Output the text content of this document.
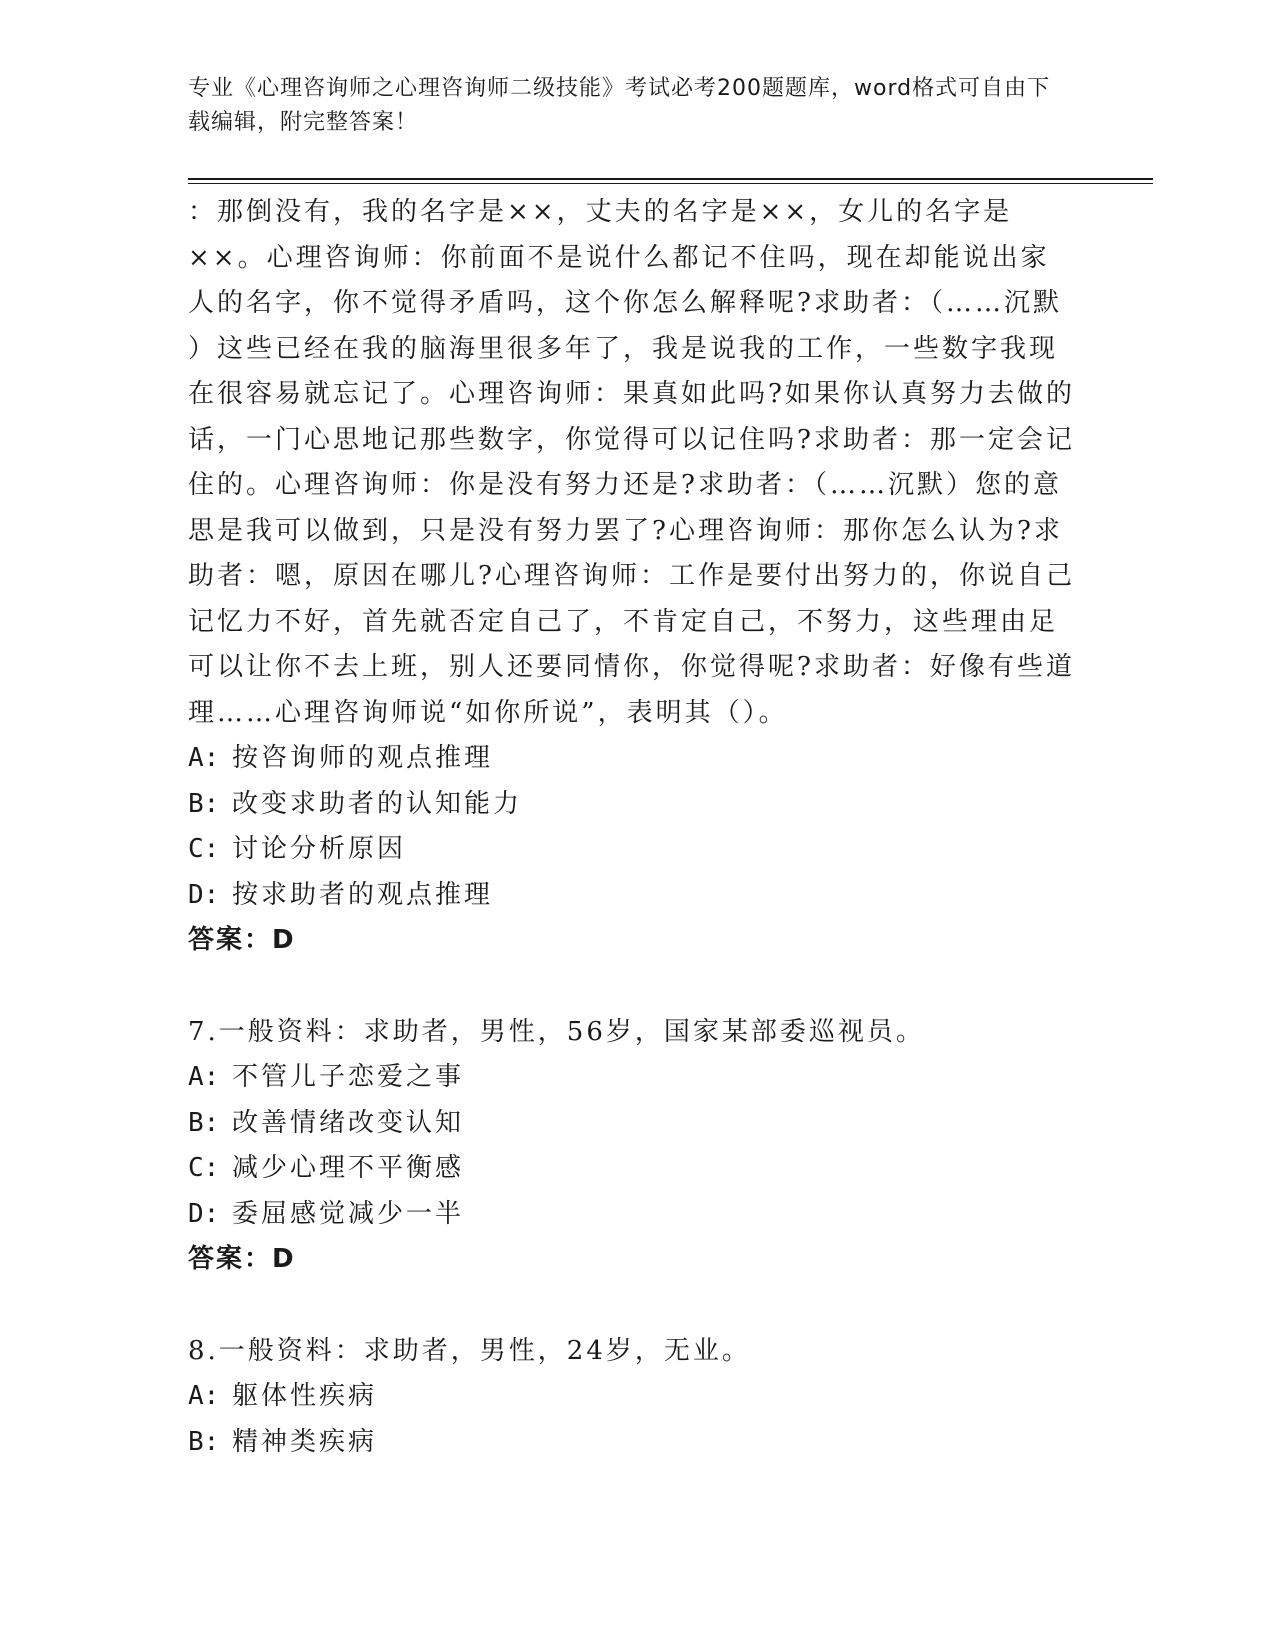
专业《心理咨询师之心理咨询师二级技能》考试必考200题题库，word格式可自由下载编辑，附完整答案！

：那倒没有，我的名字是××，丈夫的名字是××，女儿的名字是

××。心理咨询师：你前面不是说什么都记不住吗，现在却能说出家

人的名字，你不觉得矛盾吗，这个你怎么解释呢?求助者：（……沉默

）这些已经在我的脑海里很多年了，我是说我的工作，一些数字我现

在很容易就忘记了。心理咨询师：果真如此吗?如果你认真努力去做的

话，一门心思地记那些数字，你觉得可以记住吗?求助者：那一定会记

住的。心理咨询师：你是没有努力还是?求助者：（……沉默）您的意

思是我可以做到，只是没有努力罢了?心理咨询师：那你怎么认为?求

助者：嗯，原因在哪儿?心理咨询师：工作是要付出努力的，你说自己

记忆力不好，首先就否定自己了，不肯定自己，不努力，这些理由足

可以让你不去上班，别人还要同情你，你觉得呢?求助者：好像有些道

理……心理咨询师说“如你所说”，表明其（）。

A: 按咨询师的观点推理
B: 改变求助者的认知能力
C: 讨论分析原因
D: 按求助者的观点推理

答案：D

7.一般资料：求助者，男性，56岁，国家某部委巡视员。

A: 不管儿子恋爱之事
B: 改善情绪改变认知
C: 减少心理不平衡感
D: 委屈感觉减少一半

答案：D

8.一般资料：求助者，男性，24岁，无业。

A: 躯体性疾病
B: 精神类疾病
